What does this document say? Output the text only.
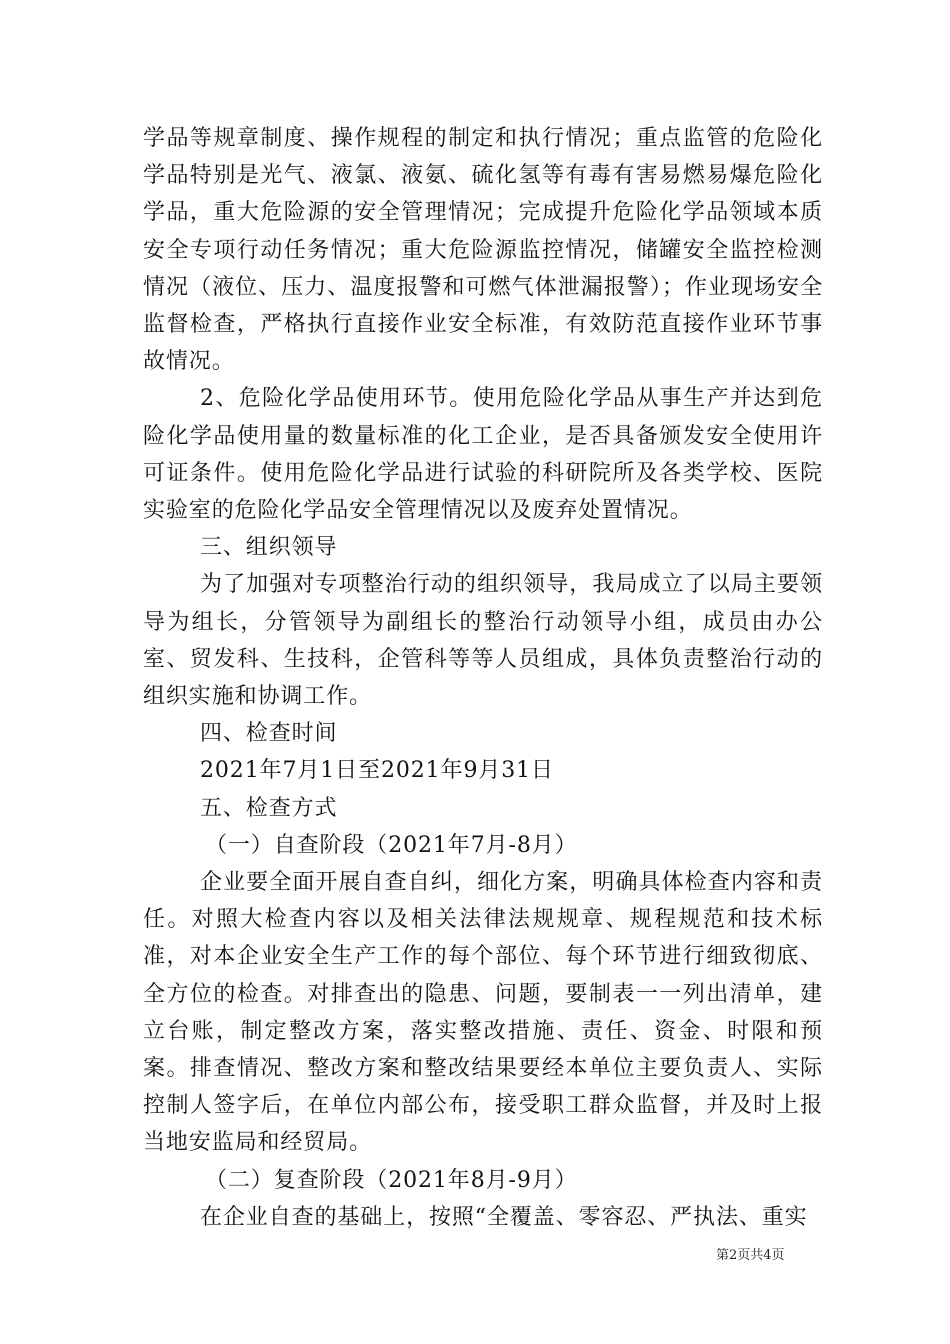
学品等规章制度、操作规程的制定和执行情况；重点监管的危险化学品特别是光气、液氯、液氨、硫化氢等有毒有害易燃易爆危险化学品，重大危险源的安全管理情况；完成提升危险化学品领域本质安全专项行动任务情况；重大危险源监控情况，储罐安全监控检测情况（液位、压力、温度报警和可燃气体泄漏报警）；作业现场安全监督检查，严格执行直接作业安全标准，有效防范直接作业环节事故情况。

2、危险化学品使用环节。使用危险化学品从事生产并达到危险化学品使用量的数量标准的化工企业，是否具备颁发安全使用许可证条件。使用危险化学品进行试验的科研院所及各类学校、医院实验室的危险化学品安全管理情况以及废弃处置情况。

三、组织领导

为了加强对专项整治行动的组织领导，我局成立了以局主要领导为组长，分管领导为副组长的整治行动领导小组，成员由办公室、贸发科、生技科，企管科等等人员组成，具体负责整治行动的组织实施和协调工作。

四、检查时间

2021年7月1日至2021年9月31日

五、检查方式

（一）自查阶段（2021年7月-8月）

企业要全面开展自查自纠，细化方案，明确具体检查内容和责任。对照大检查内容以及相关法律法规规章、规程规范和技术标准，对本企业安全生产工作的每个部位、每个环节进行细致彻底、全方位的检查。对排查出的隐患、问题，要制表一一列出清单，建立台账，制定整改方案，落实整改措施、责任、资金、时限和预案。排查情况、整改方案和整改结果要经本单位主要负责人、实际控制人签字后，在单位内部公布，接受职工群众监督，并及时上报当地安监局和经贸局。

（二）复查阶段（2021年8月-9月）

在企业自查的基础上，按照“全覆盖、零容忍、严执法、重实

第2页共4页
